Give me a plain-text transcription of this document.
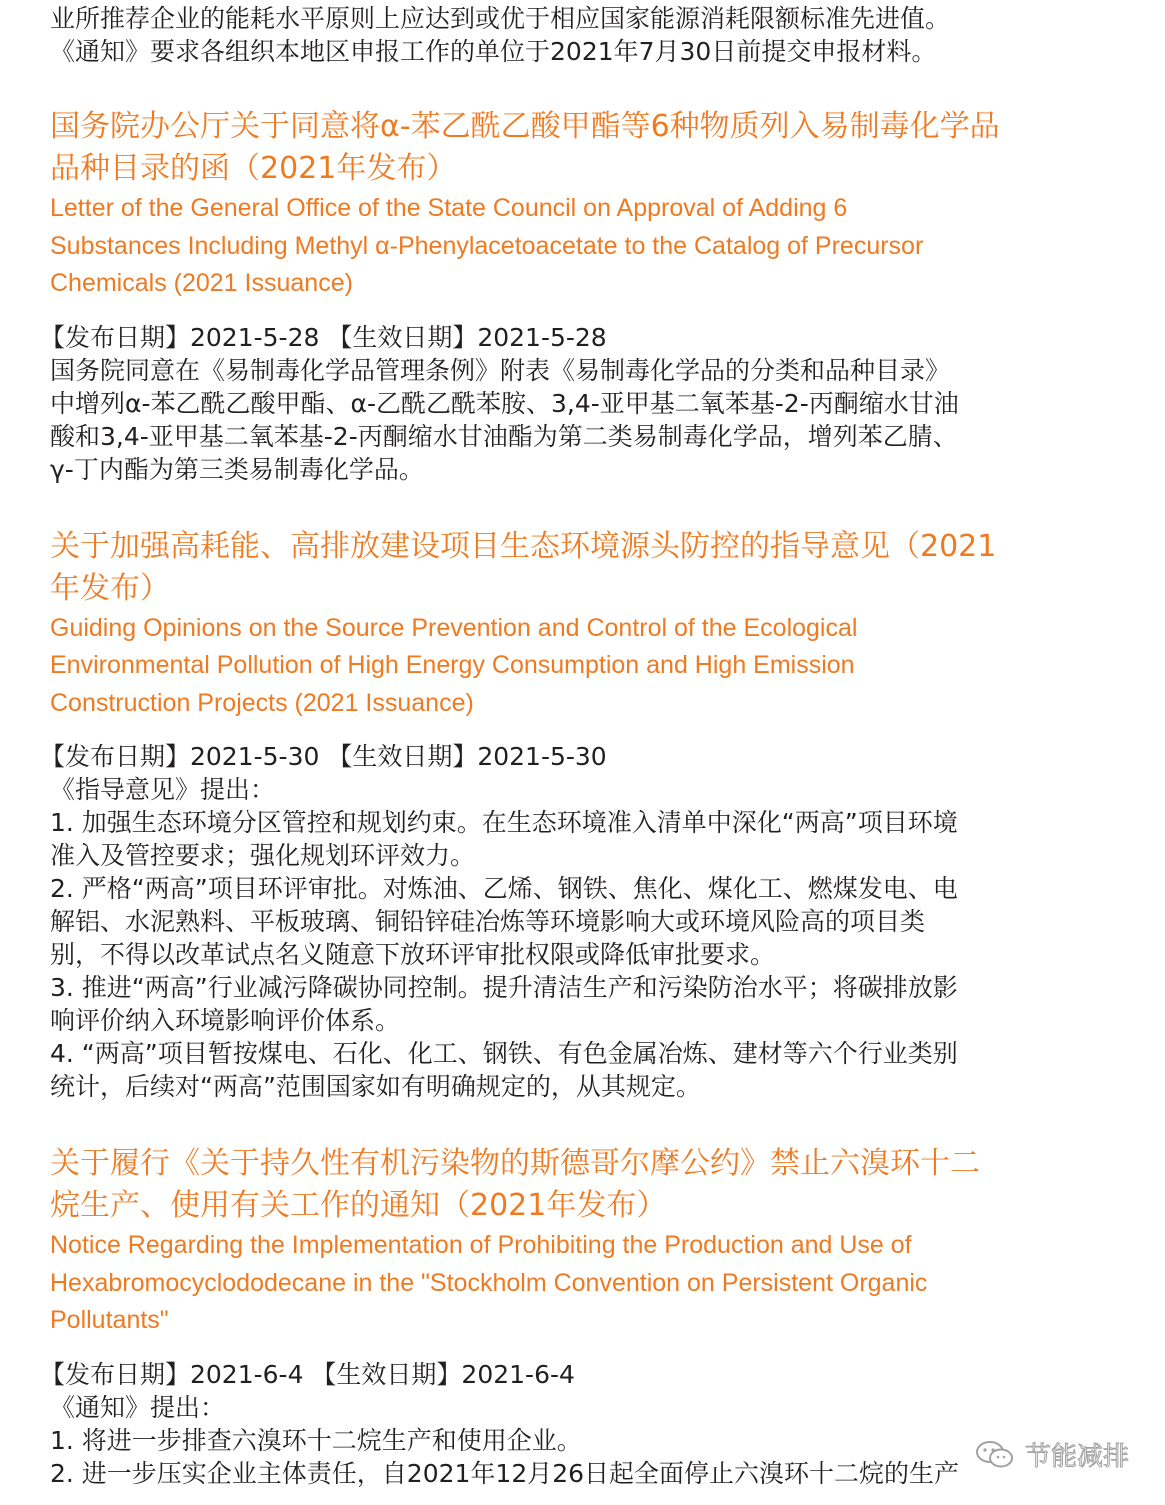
业所推荐企业的能耗水平原则上应达到或优于相应国家能源消耗限额标准先进值。

《通知》要求各组织本地区申报工作的单位于2021年7月30日前提交申报材料。

国务院办公厅关于同意将α-苯乙酰乙酸甲酯等6种物质列入易制毒化学品

品种目录的函（2021年发布）

Letter of the General Office of the State Council on Approval of Adding 6

Substances Including Methyl α-Phenylacetoacetate to the Catalog of Precursor

Chemicals (2021 Issuance)

【发布日期】2021-5-28 【生效日期】2021-5-28

国务院同意在《易制毒化学品管理条例》附表《易制毒化学品的分类和品种目录》

中增列α-苯乙酰乙酸甲酯、α-乙酰乙酰苯胺、3,4-亚甲基二氧苯基-2-丙酮缩水甘油

酸和3,4-亚甲基二氧苯基-2-丙酮缩水甘油酯为第二类易制毒化学品，增列苯乙腈、

γ-丁内酯为第三类易制毒化学品。

关于加强高耗能、高排放建设项目生态环境源头防控的指导意见（2021

年发布）

Guiding Opinions on the Source Prevention and Control of the Ecological

Environmental Pollution of High Energy Consumption and High Emission

Construction Projects (2021 Issuance)

【发布日期】2021-5-30 【生效日期】2021-5-30

《指导意见》提出：

1. 加强生态环境分区管控和规划约束。在生态环境准入清单中深化“两高”项目环境

准入及管控要求；强化规划环评效力。

2. 严格“两高”项目环评审批。对炼油、乙烯、钢铁、焦化、煤化工、燃煤发电、电

解铝、水泥熟料、平板玻璃、铜铅锌硅冶炼等环境影响大或环境风险高的项目类

别，不得以改革试点名义随意下放环评审批权限或降低审批要求。

3. 推进“两高”行业减污降碳协同控制。提升清洁生产和污染防治水平；将碳排放影

响评价纳入环境影响评价体系。

4. “两高”项目暂按煤电、石化、化工、钢铁、有色金属冶炼、建材等六个行业类别

统计，后续对“两高”范围国家如有明确规定的，从其规定。

关于履行《关于持久性有机污染物的斯德哥尔摩公约》禁止六溴环十二

烷生产、使用有关工作的通知（2021年发布）

Notice Regarding the Implementation of Prohibiting the Production and Use of

Hexabromocyclododecane in the "Stockholm Convention on Persistent Organic

Pollutants"

【发布日期】2021-6-4 【生效日期】2021-6-4

《通知》提出：

1. 将进一步排查六溴环十二烷生产和使用企业。

2. 进一步压实企业主体责任，自2021年12月26日起全面停止六溴环十二烷的生产

节能减排
